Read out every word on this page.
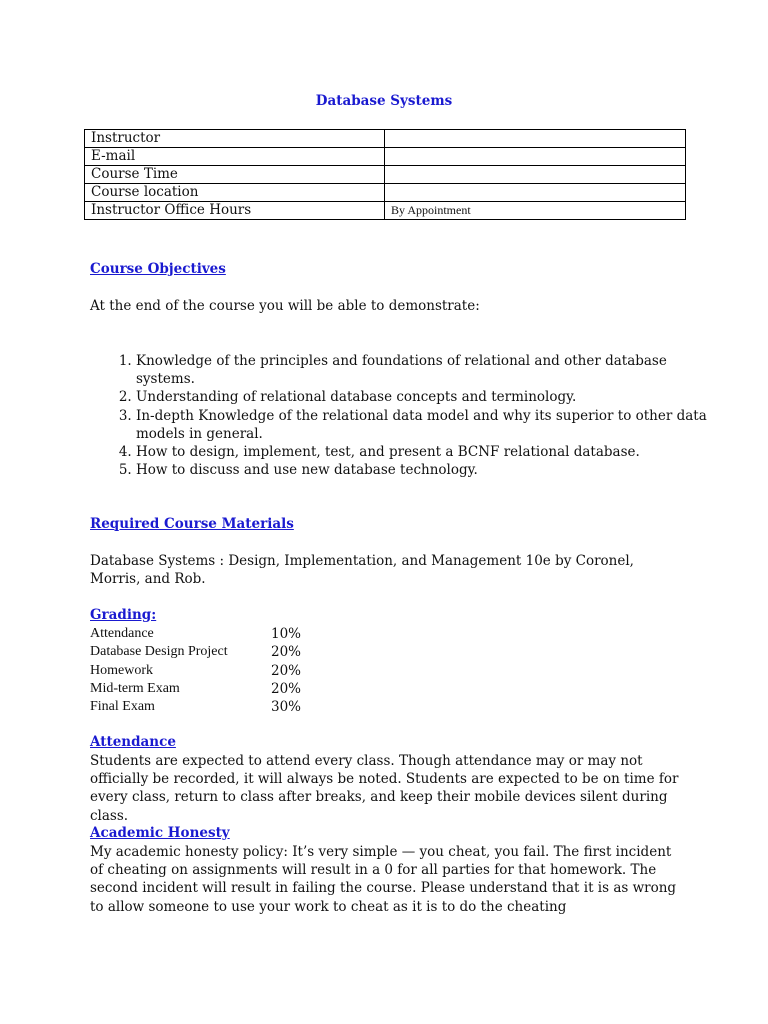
Database Systems
Instructor	
E-mail	
Course Time	
Course location	
Instructor Office Hours	By Appointment
Course Objectives
At the end of the course you will be able to demonstrate:
1. Knowledge of the principles and foundations of relational and other database systems.
2. Understanding of relational database concepts and terminology.
3. In-depth Knowledge of the relational data model and why its superior to other data models in general.
4. How to design, implement, test, and present a BCNF relational database.
5. How to discuss and use new database technology.
Required Course Materials
Database Systems : Design, Implementation, and Management 10e by Coronel, Morris, and Rob.
Grading:
Attendance	10%
Database Design Project	20%
Homework	20%
Mid-term Exam	20%
Final Exam	30%
Attendance
Students are expected to attend every class. Though attendance may or may not officially be recorded, it will always be noted. Students are expected to be on time for every class, return to class after breaks, and keep their mobile devices silent during class.
Academic Honesty
My academic honesty policy: It’s very simple — you cheat, you fail. The first incident of cheating on assignments will result in a 0 for all parties for that homework. The second incident will result in failing the course. Please understand that it is as wrong to allow someone to use your work to cheat as it is to do the cheating
